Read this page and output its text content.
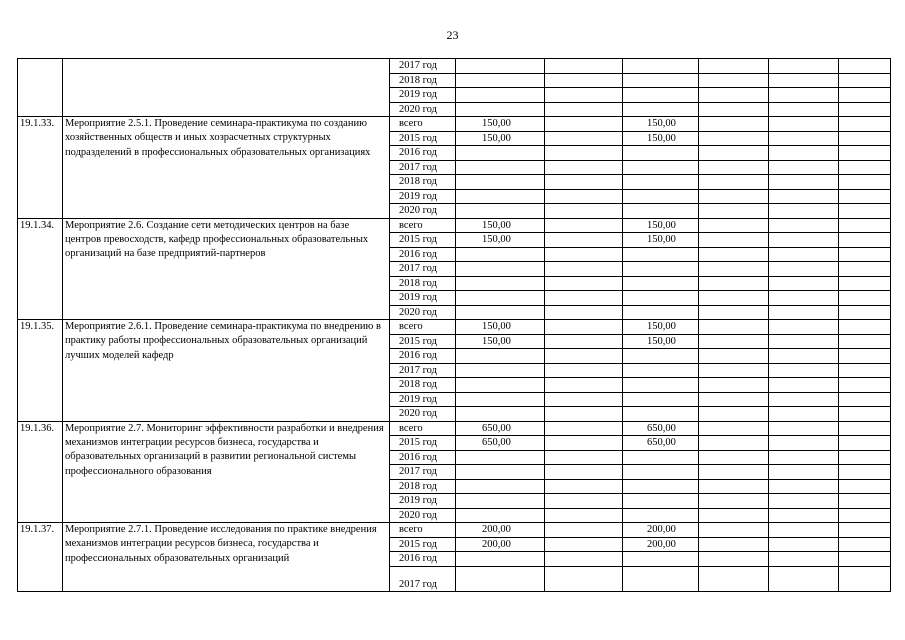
23
		2017 год						
		2018 год						
		2019 год						
		2020 год						
19.1.33.	Мероприятие 2.5.1. Проведение семинара-практикума по созданию хозяйственных обществ и иных хозрасчетных структурных подразделений в профессиональных образовательных организациях	всего	150,00		150,00			
		2015 год	150,00		150,00			
		2016 год						
		2017 год						
		2018 год						
		2019 год						
		2020 год						
19.1.34.	Мероприятие 2.6. Создание сети методических центров на базе центров превосходств, кафедр профессиональных образовательных организаций на базе предприятий-партнеров	всего	150,00		150,00			
		2015 год	150,00		150,00			
		2016 год						
		2017 год						
		2018 год						
		2019 год						
		2020 год						
19.1.35.	Мероприятие 2.6.1. Проведение семинара-практикума по внедрению в практику работы профессиональных образовательных организаций лучших моделей кафедр	всего	150,00		150,00			
		2015 год	150,00		150,00			
		2016 год						
		2017 год						
		2018 год						
		2019 год						
		2020 год						
19.1.36.	Мероприятие 2.7. Мониторинг эффективности разработки и внедрения механизмов интеграции ресурсов бизнеса, государства и образовательных организаций в развитии региональной системы профессионального образования	всего	650,00		650,00			
		2015 год	650,00		650,00			
		2016 год						
		2017 год						
		2018 год						
		2019 год						
		2020 год						
19.1.37.	Мероприятие 2.7.1. Проведение исследования по практике внедрения механизмов интеграции ресурсов бизнеса, государства и профессиональных образовательных организаций	всего	200,00		200,00			
		2015 год	200,00		200,00			
		2016 год						
		2017 год						
